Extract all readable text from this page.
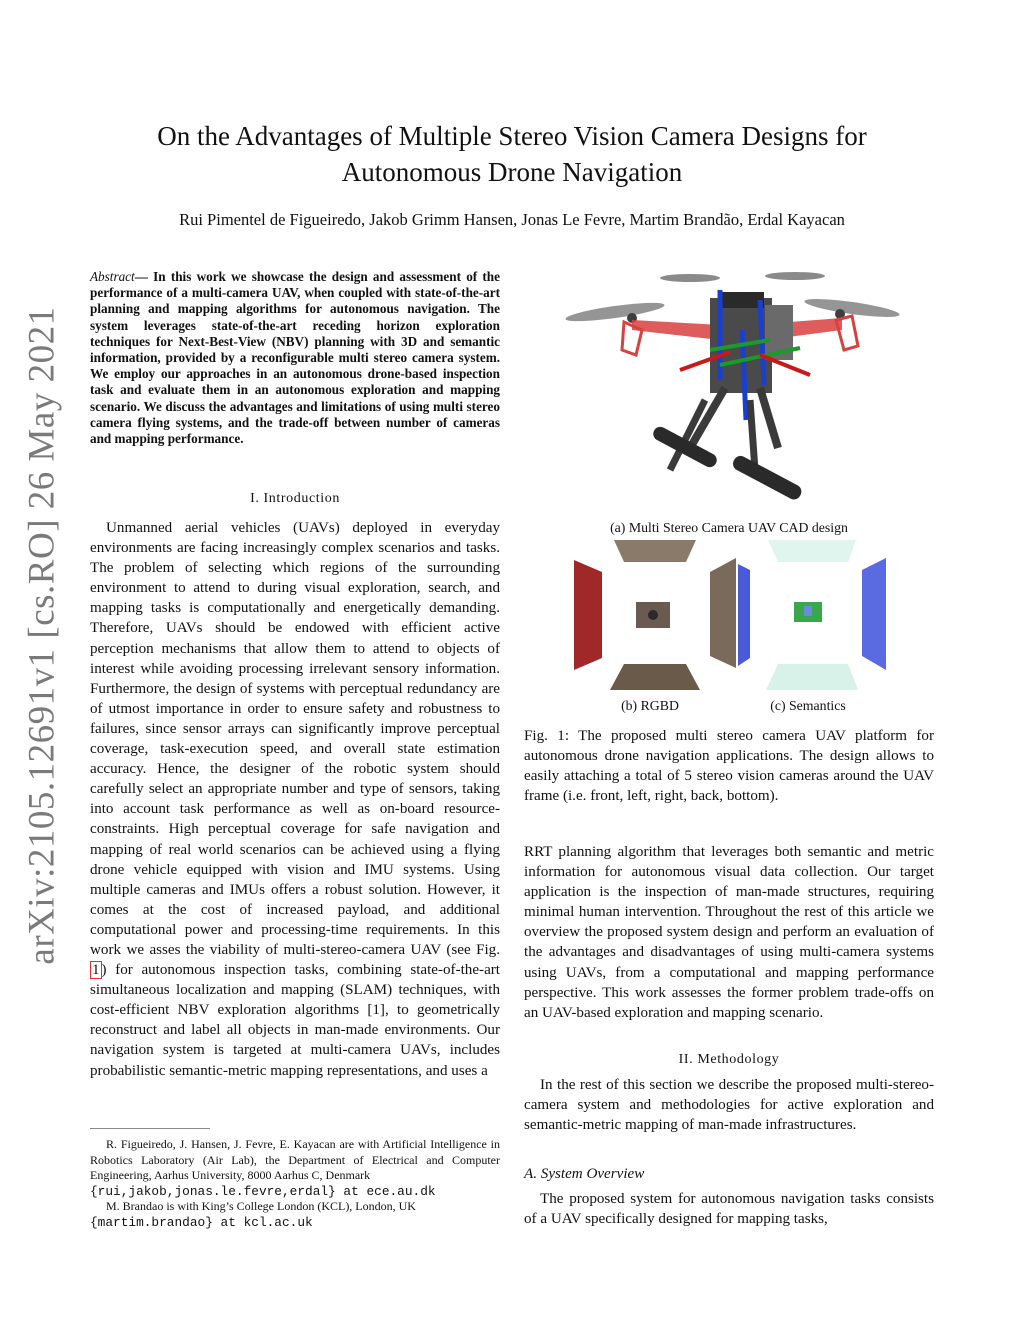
On the Advantages of Multiple Stereo Vision Camera Designs for
Autonomous Drone Navigation
Rui Pimentel de Figueiredo, Jakob Grimm Hansen, Jonas Le Fevre, Martim Brandão, Erdal Kayacan
arXiv:2105.12691v1 [cs.RO] 26 May 2021
Abstract— In this work we showcase the design and assessment of the performance of a multi-camera UAV, when coupled with state-of-the-art planning and mapping algorithms for autonomous navigation. The system leverages state-of-the-art receding horizon exploration techniques for Next-Best-View (NBV) planning with 3D and semantic information, provided by a reconfigurable multi stereo camera system. We employ our approaches in an autonomous drone-based inspection task and evaluate them in an autonomous exploration and mapping scenario. We discuss the advantages and limitations of using multi stereo camera flying systems, and the trade-off between number of cameras and mapping performance.
I. Introduction
Unmanned aerial vehicles (UAVs) deployed in everyday environments are facing increasingly complex scenarios and tasks. The problem of selecting which regions of the surrounding environment to attend to during visual exploration, search, and mapping tasks is computationally and energetically demanding. Therefore, UAVs should be endowed with efficient active perception mechanisms that allow them to attend to objects of interest while avoiding processing irrelevant sensory information. Furthermore, the design of systems with perceptual redundancy are of utmost importance in order to ensure safety and robustness to failures, since sensor arrays can significantly improve perceptual coverage, task-execution speed, and overall state estimation accuracy. Hence, the designer of the robotic system should carefully select an appropriate number and type of sensors, taking into account task performance as well as on-board resource-constraints. High perceptual coverage for safe navigation and mapping of real world scenarios can be achieved using a flying drone vehicle equipped with vision and IMU systems. Using multiple cameras and IMUs offers a robust solution. However, it comes at the cost of increased payload, and additional computational power and processing-time requirements. In this work we asses the viability of multi-stereo-camera UAV (see Fig. 1 ) for autonomous inspection tasks, combining state-of-the-art simultaneous localization and mapping (SLAM) techniques, with cost-efficient NBV exploration algorithms [1], to geometrically reconstruct and label all objects in man-made environments. Our navigation system is targeted at multi-camera UAVs, includes probabilistic semantic-metric mapping representations, and uses a
R. Figueiredo, J. Hansen, J. Fevre, E. Kayacan are with Artificial Intelligence in Robotics Laboratory (Air Lab), the Department of Electrical and Computer Engineering, Aarhus University, 8000 Aarhus C, Denmark
{rui,jakob,jonas.le.fevre,erdal} at ece.au.dk
M. Brandao is with King’s College London (KCL), London, UK
{martim.brandao} at kcl.ac.uk
(a) Multi Stereo Camera UAV CAD design
(b) RGBD	(c) Semantics
Fig. 1: The proposed multi stereo camera UAV platform for autonomous drone navigation applications. The design allows to easily attaching a total of 5 stereo vision cameras around the UAV frame (i.e. front, left, right, back, bottom).
RRT planning algorithm that leverages both semantic and metric information for autonomous visual data collection. Our target application is the inspection of man-made structures, requiring minimal human intervention. Throughout the rest of this article we overview the proposed system design and perform an evaluation of the advantages and disadvantages of using multi-camera systems using UAVs, from a computational and mapping performance perspective. This work assesses the former problem trade-offs on an UAV-based exploration and mapping scenario.
II. Methodology
In the rest of this section we describe the proposed multi-stereo-camera system and methodologies for active exploration and semantic-metric mapping of man-made infrastructures.
A. System Overview
The proposed system for autonomous navigation tasks consists of a UAV specifically designed for mapping tasks,
